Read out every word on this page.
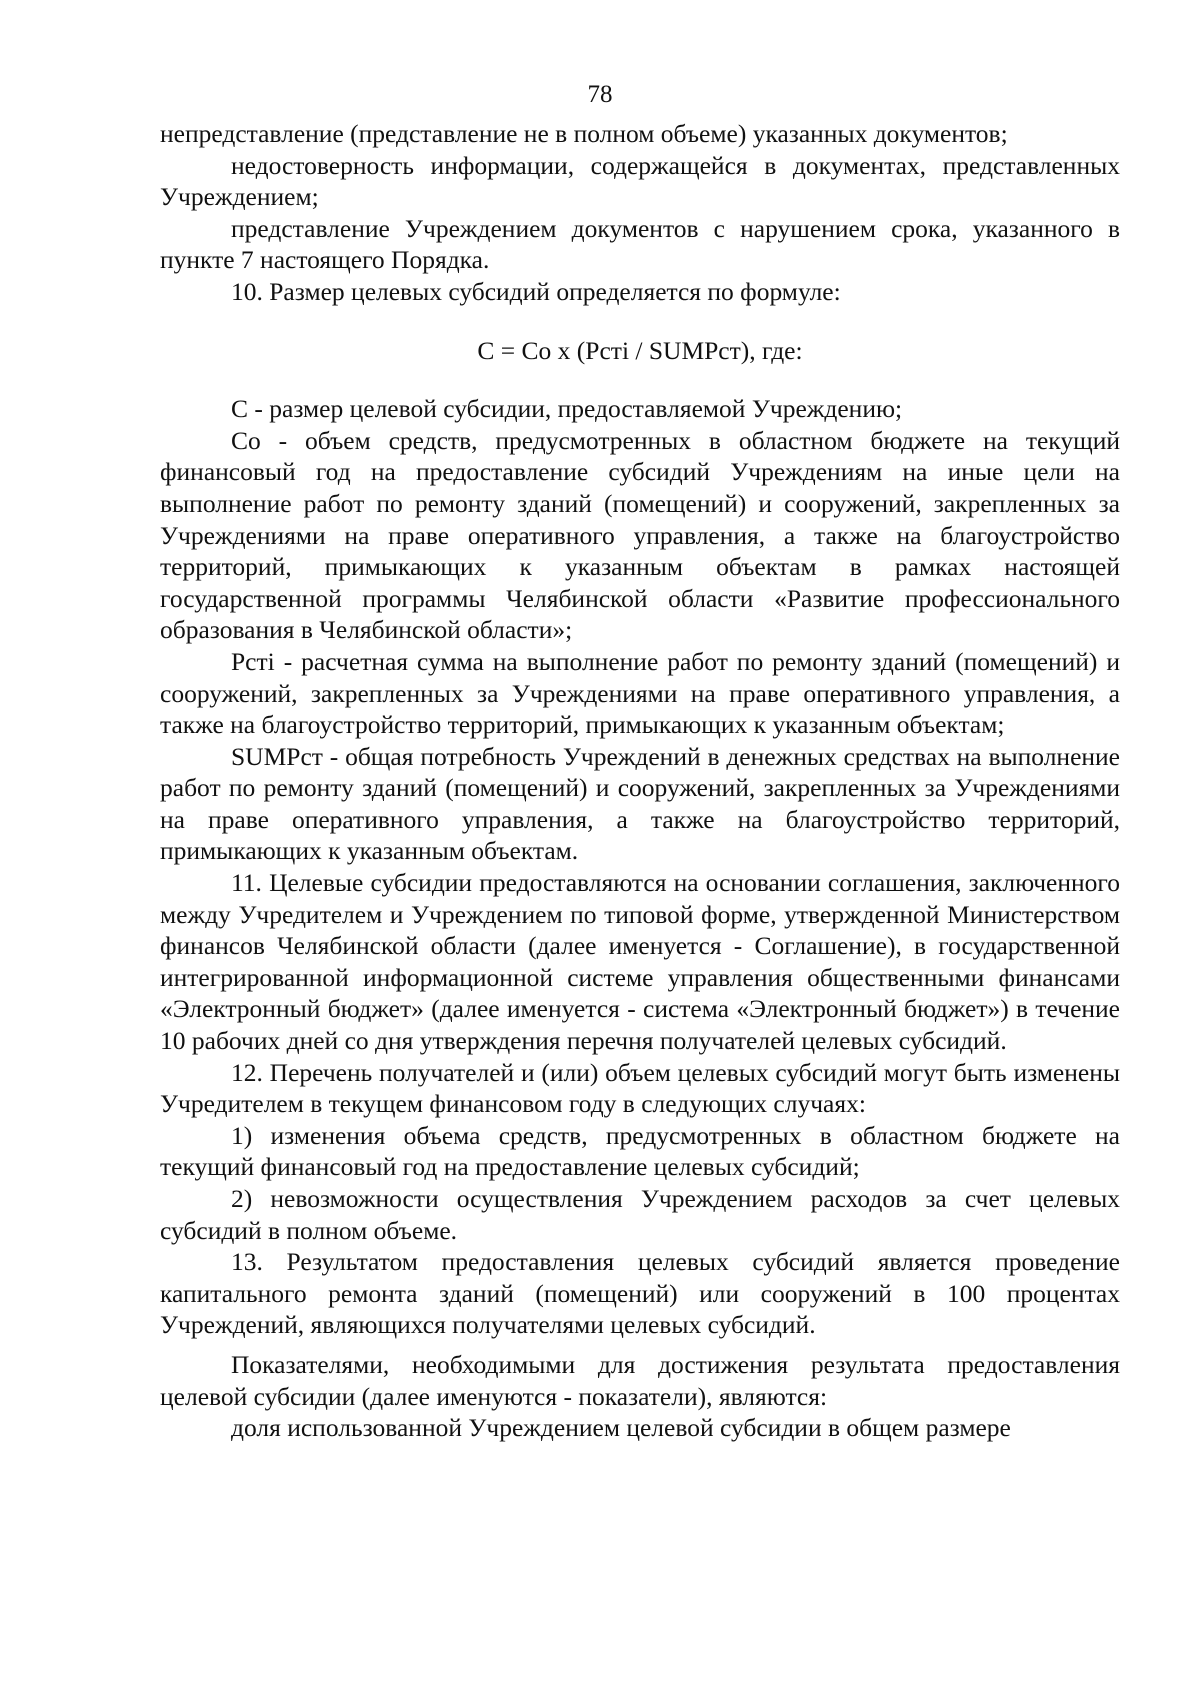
78

непредставление (представление не в полном объеме) указанных документов;

недостоверность информации, содержащейся в документах, представленных Учреждением;

представление Учреждением документов с нарушением срока, указанного в пункте 7 настоящего Порядка.

10. Размер целевых субсидий определяется по формуле:

С = Со х (Рстi / SUMPст), где:

С - размер целевой субсидии, предоставляемой Учреждению;

Со - объем средств, предусмотренных в областном бюджете на текущий финансовый год на предоставление субсидий Учреждениям на иные цели на выполнение работ по ремонту зданий (помещений) и сооружений, закрепленных за Учреждениями на праве оперативного управления, а также на благоустройство территорий, примыкающих к указанным объектам в рамках настоящей государственной программы Челябинской области «Развитие профессионального образования в Челябинской области»;

Рстi - расчетная сумма на выполнение работ по ремонту зданий (помещений) и сооружений, закрепленных за Учреждениями на праве оперативного управления, а также на благоустройство территорий, примыкающих к указанным объектам;

SUMPст - общая потребность Учреждений в денежных средствах на выполнение работ по ремонту зданий (помещений) и сооружений, закрепленных за Учреждениями на праве оперативного управления, а также на благоустройство территорий, примыкающих к указанным объектам.

11. Целевые субсидии предоставляются на основании соглашения, заключенного между Учредителем и Учреждением по типовой форме, утвержденной Министерством финансов Челябинской области (далее именуется - Соглашение), в государственной интегрированной информационной системе управления общественными финансами «Электронный бюджет» (далее именуется - система «Электронный бюджет») в течение 10 рабочих дней со дня утверждения перечня получателей целевых субсидий.

12. Перечень получателей и (или) объем целевых субсидий могут быть изменены Учредителем в текущем финансовом году в следующих случаях:

1) изменения объема средств, предусмотренных в областном бюджете на текущий финансовый год на предоставление целевых субсидий;

2) невозможности осуществления Учреждением расходов за счет целевых субсидий в полном объеме.

13. Результатом предоставления целевых субсидий является проведение капитального ремонта зданий (помещений) или сооружений в 100 процентах Учреждений, являющихся получателями целевых субсидий.

Показателями, необходимыми для достижения результата предоставления целевой субсидии (далее именуются - показатели), являются:

доля использованной Учреждением целевой субсидии в общем размере
